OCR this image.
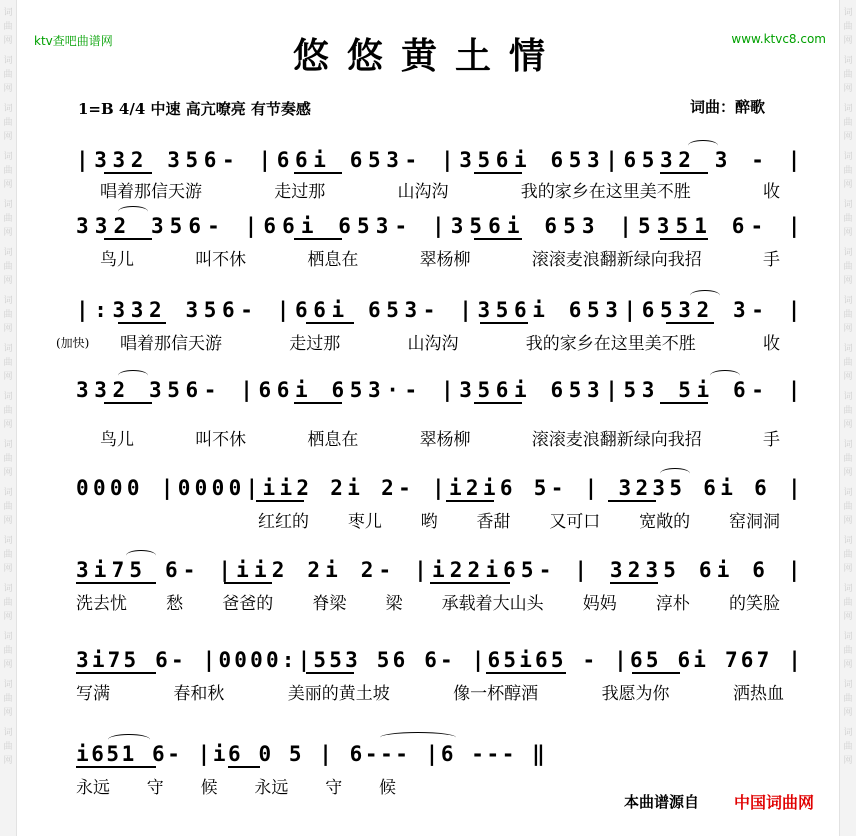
词曲网
词曲网
词曲网
词曲网
词曲网
词曲网
词曲网
词曲网
词曲网
词曲网
词曲网
词曲网
词曲网
词曲网
词曲网
词曲网
词曲网
词曲网
词曲网
词曲网
词曲网
词曲网
词曲网
词曲网
词曲网
词曲网
词曲网
词曲网
词曲网
词曲网
词曲网
词曲网
ktv查吧曲谱网	www.ktvc8.com
悠悠黄土情
1=B 4/4 中速 高亢嘹亮 有节奏感	词曲：醉歌
| 3 3 2
3 5 6 -
| 6 6 i
6 5 3 -
| 3 5 6 i
6 5 3 | 6 5 3 2
3
-
|
唱着那信天游	走过那	山沟沟	我的家乡在这里美不胜	收
3 3 2
3 5 6 -
| 6 6 i
6 5 3 -
| 3 5 6 i
6 5 3
| 5 3 5 1
6 -
|
鸟儿	叫不休	栖息在	翠杨柳	滚滚麦浪翻新绿向我招	手
| : 3 3 2
3 5 6 -
| 6 6 i
6 5 3 -
| 3 5 6 i
6 5 3 | 6 5 3 2
3 -
|
(加快) 唱着那信天游	走过那	山沟沟	我的家乡在这里美不胜	收
3 3 2
3 5 6 -
| 6 6 i
6 5 3 · -
| 3 5 6 i
6 5 3 | 5 3
5 i
6 -
|
鸟儿	叫不休	栖息在	翠杨柳	滚滚麦浪翻新绿向我招	手
0 0 0 0
| 0 0 0 0 | i i 2
2 i
2 -
| i 2 i 6
5 -
|
3 2 3 5
6 i
6
|
红红的 枣儿 哟 香甜 又可口 宽敞的 窑洞洞
3 i 7 5
6 -
| i i 2
2 i
2 -
| i 2 2 i 6 5 -
|
3 2 3 5
6 i
6
|
洗去忧 愁 爸爸的 脊梁 梁 承载着大山头 妈妈 淳朴 的笑脸
3 i 7 5
6 -
| 0 0 0 0 : | 5 5 3
5 6
6 -
| 6 5 i 6 5
-
| 6 5
6 i
7 6 7
|
写满	春和秋	美丽的黄土坡	像一杯醇酒	我愿为你	洒热血
i 6 5 1
6 -
| i 6
0
5
|
6 - - -
| 6
- - -
‖
永远 守 候 永远 守 候
本曲谱源自 中国词曲网
